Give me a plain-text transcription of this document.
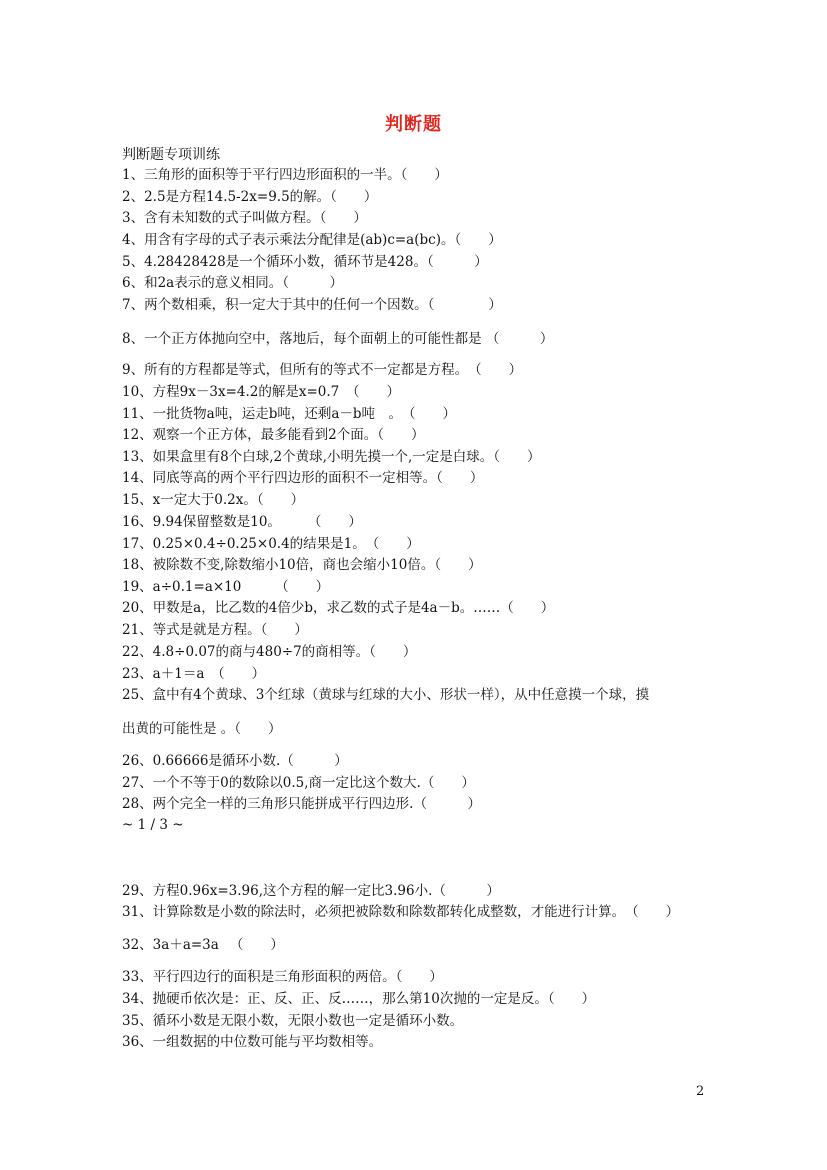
判断题
判断题专项训练
1、三角形的面积等于平行四边形面积的一半。（　　）
2、2.5是方程14.5-2x=9.5的解。（　　）
3、含有未知数的式子叫做方程。（　　）
4、用含有字母的式子表示乘法分配律是(ab)c=a(bc)。（　　）
5、4.28428428是一个循环小数，循环节是428。（　　　）
6、和2a表示的意义相同。（　　　）
7、两个数相乘，积一定大于其中的任何一个因数。（　　　　）
8、一个正方体抛向空中，落地后，每个面朝上的可能性都是 （　　　）
9、所有的方程都是等式，但所有的等式不一定都是方程。　（　　）
10、方程9x－3x=4.2的解是x=0.7　（　　）
11、一批货物a吨，运走b吨，还剩a－b吨　。　（　　）
12、观察一个正方体，最多能看到2个面。（　　）
13、如果盒里有8个白球,2个黄球,小明先摸一个,一定是白球。（　　）
14、同底等高的两个平行四边形的面积不一定相等。（　　）
15、x一定大于0.2x。（　　）
16、9.94保留整数是10。　　　（　　）
17、0.25×0.4÷0.25×0.4的结果是1。　（　　）
18、被除数不变,除数缩小10倍，商也会缩小10倍。（　　）
19、a÷0.1=a×10　　　（　　）
20、甲数是a，比乙数的4倍少b，求乙数的式子是4a－b。……（　　）
21、等式是就是方程。（　　）
22、4.8÷0.07的商与480÷7的商相等。（　　）
23、a＋1＝a　（　　）
25、盒中有4个黄球、3个红球（黄球与红球的大小、形状一样），从中任意摸一个球，摸
出黄的可能性是 。（　　）
26、0.66666是循环小数.（　　　）
27、一个不等于0的数除以0.5,商一定比这个数大.（　　）
28、两个完全一样的三角形只能拼成平行四边形.（　　　）
~ 1 / 3 ~
29、方程0.96x=3.96,这个方程的解一定比3.96小.（　　　）
31、计算除数是小数的除法时，必须把被除数和除数都转化成整数，才能进行计算。　（　　）
32、3a＋a=3a 　（　　）
33、平行四边行的面积是三角形面积的两倍。（　　）
34、抛硬币依次是：正、反、正、反……，那么第10次抛的一定是反。（　　）
35、循环小数是无限小数，无限小数也一定是循环小数。
36、一组数据的中位数可能与平均数相等。
2
